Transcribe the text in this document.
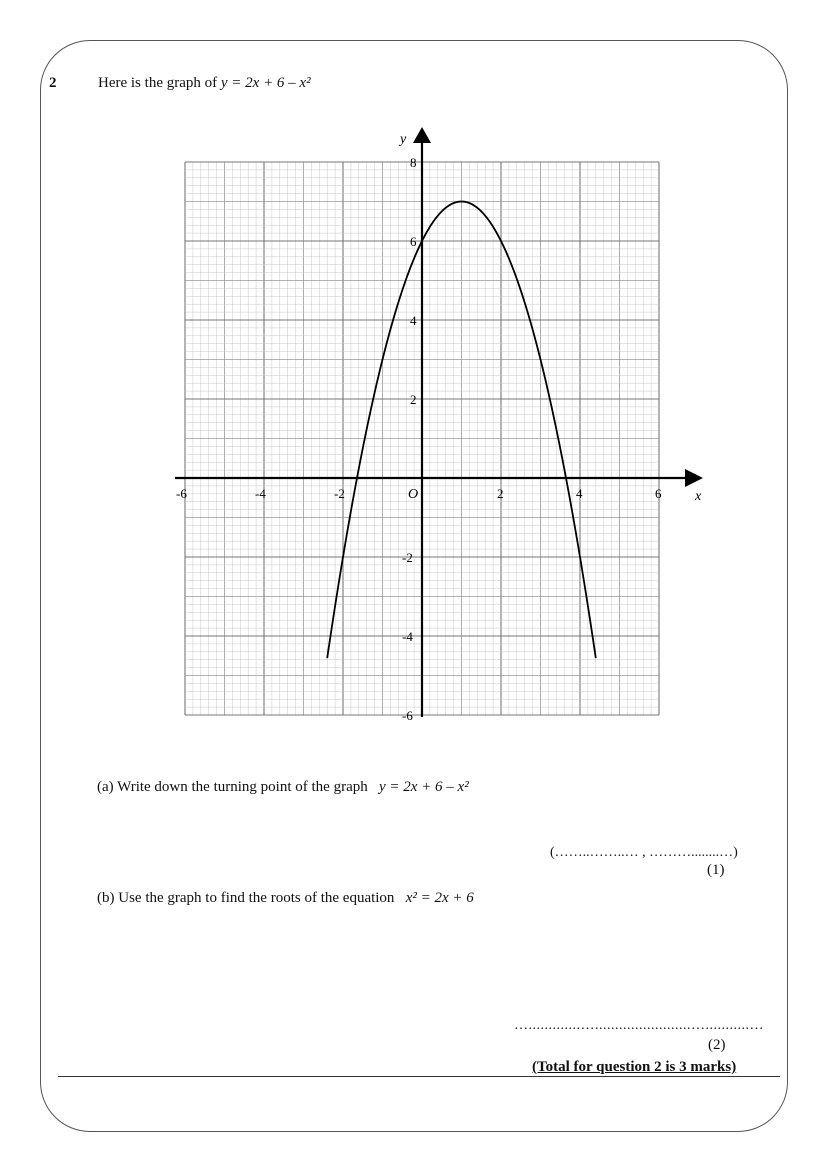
2	Here is the graph of y = 2x + 6 – x²
-6	-4	-2	2	4	6
8
6
4
2
-2
-4
-6
x
y
O
(a) Write down the turning point of the graph y = 2x + 6 – x²
(……..……..… , ………........…)
(1)
(b) Use the graph to find the roots of the equation x² = 2x + 6
….............…........................…...........…
(2)
(Total for question 2 is 3 marks)
